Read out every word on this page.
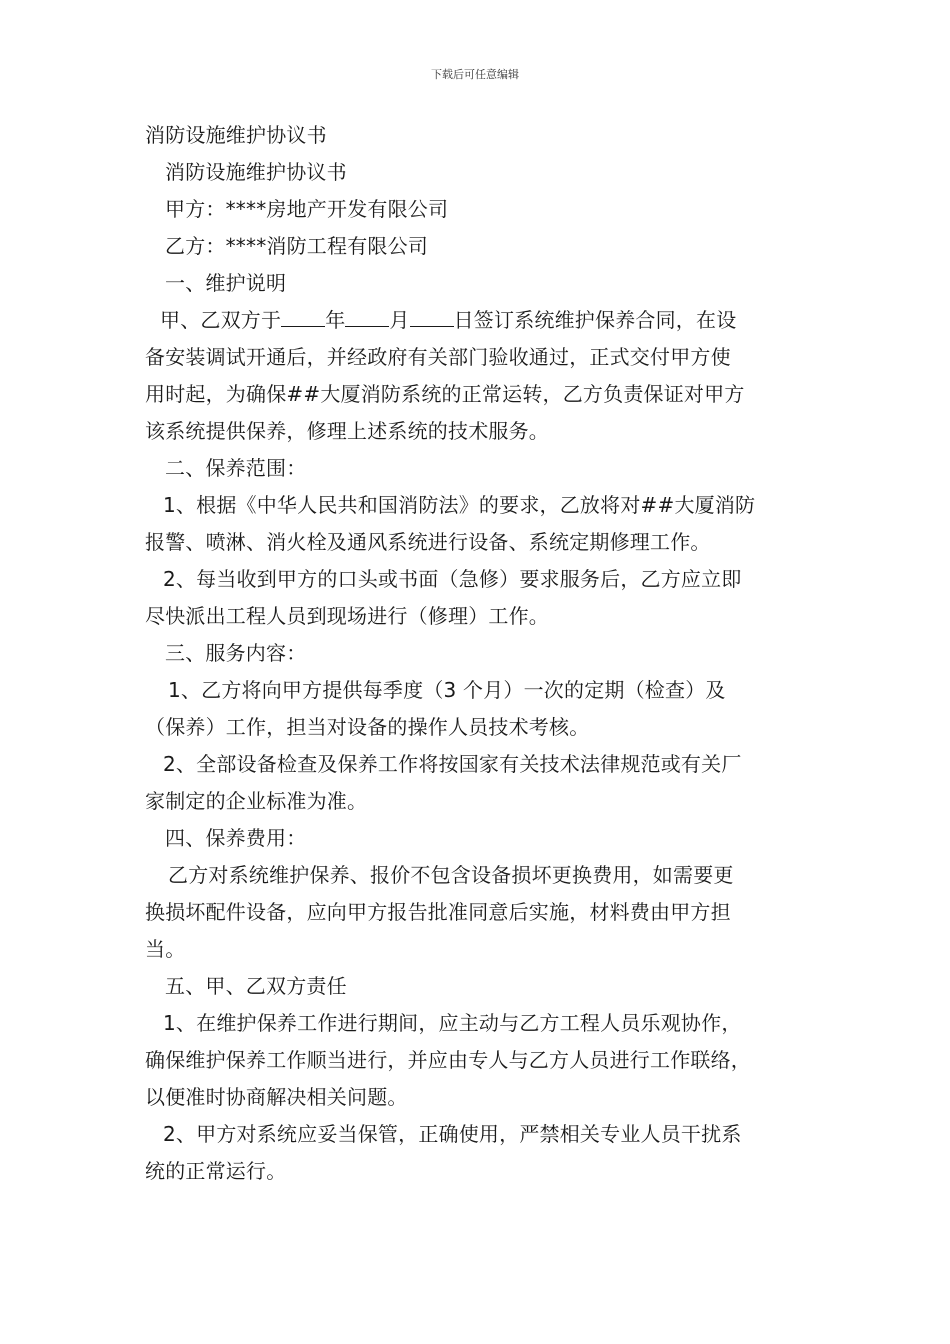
下载后可任意编辑
消防设施维护协议书
消防设施维护协议书
甲方：****房地产开发有限公司
乙方：****消防工程有限公司
一、维护说明
甲、乙双方于 年 月 日签订系统维护保养合同，在设
备安装调试开通后，并经政府有关部门验收通过，正式交付甲方使
用时起，为确保##大厦消防系统的正常运转，乙方负责保证对甲方
该系统提供保养，修理上述系统的技术服务。
二、保养范围：
1、根据《中华人民共和国消防法》的要求，乙放将对##大厦消防
报警、喷淋、消火栓及通风系统进行设备、系统定期修理工作。
2、每当收到甲方的口头或书面（急修）要求服务后，乙方应立即
尽快派出工程人员到现场进行（修理）工作。
三、服务内容：
1、乙方将向甲方提供每季度（3 个月）一次的定期（检查）及
（保养）工作，担当对设备的操作人员技术考核。
2、全部设备检查及保养工作将按国家有关技术法律规范或有关厂
家制定的企业标准为准。
四、保养费用：
乙方对系统维护保养、报价不包含设备损坏更换费用，如需要更
换损坏配件设备，应向甲方报告批准同意后实施，材料费由甲方担
当。
五、甲、乙双方责任
1、在维护保养工作进行期间，应主动与乙方工程人员乐观协作，
确保维护保养工作顺当进行，并应由专人与乙方人员进行工作联络，
以便准时协商解决相关问题。
2、甲方对系统应妥当保管，正确使用，严禁相关专业人员干扰系
统的正常运行。
